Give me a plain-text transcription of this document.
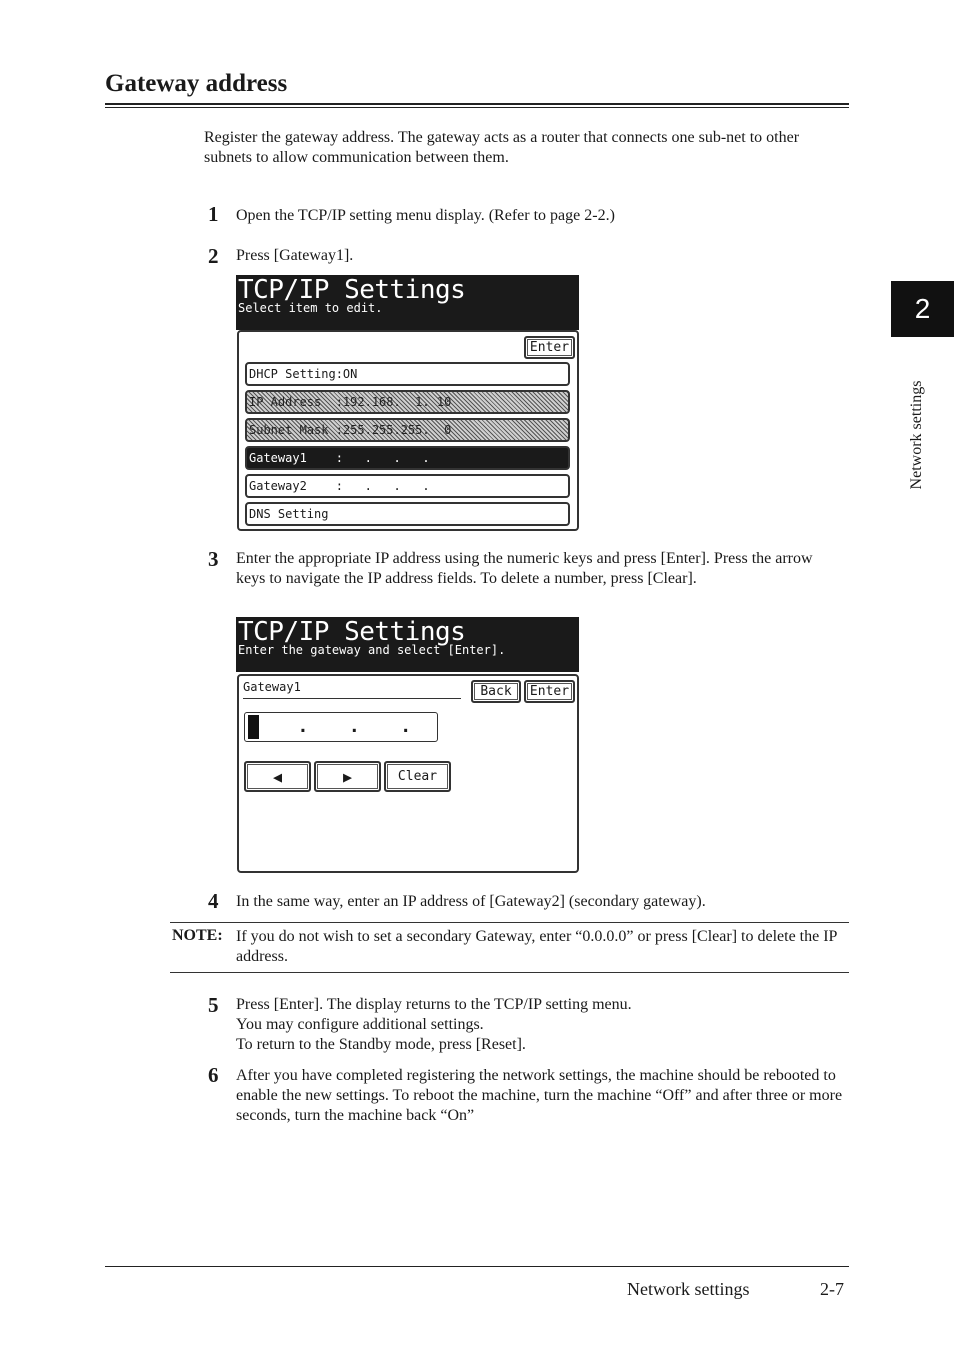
Gateway address
Register the gateway address. The gateway acts as a router that connects one sub-net to other subnets to allow communication between them.
2
Network settings
1 Open the TCP/IP setting menu display. (Refer to page 2-2.)
2 Press [Gateway1].
TCP/IP Settings
Select item to edit.
Enter
DHCP Setting:ON
IP Address  :192.168.  1. 10
Subnet Mask :255.255.255.  0
Gateway1    :   .   .   .
Gateway2    :   .   .   .
DNS Setting
3 Enter the appropriate IP address using the numeric keys and press [Enter]. Press the arrow keys to navigate the IP address fields. To delete a number, press [Clear].
TCP/IP Settings
Enter the gateway and select [Enter].
Gateway1	Back	Enter
.   .   .
◀	▶	Clear
4 In the same way, enter an IP address of [Gateway2] (secondary gateway).
NOTE: If you do not wish to set a secondary Gateway, enter “0.0.0.0” or press [Clear] to delete the IP address.
5 Press [Enter]. The display returns to the TCP/IP setting menu.
You may configure additional settings.
To return to the Standby mode, press [Reset].
6 After you have completed registering the network settings, the machine should be rebooted to enable the new settings. To reboot the machine, turn the machine “Off” and after three or more seconds, turn the machine back “On”
Network settings	2-7
